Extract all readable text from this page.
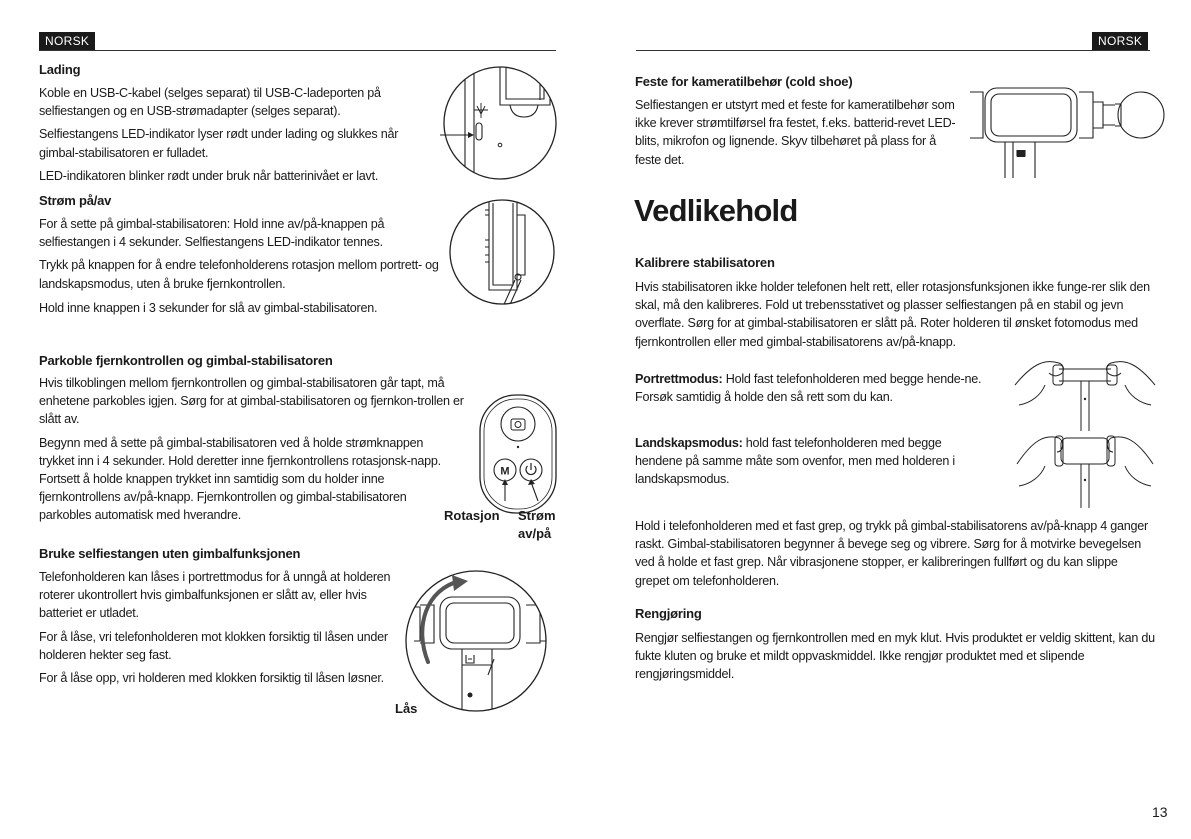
NORSK	NORSK
Lading

Koble en USB-C-kabel (selges separat) til USB-C-ladeporten på selfiestangen og en USB-strømadapter (selges separat).

Selfiestangens LED-indikator lyser rødt under lading og slukkes når gimbal-stabilisatoren er fulladet.

LED-indikatoren blinker rødt under bruk når batterinivået er lavt.

Strøm på/av

For å sette på gimbal-stabilisatoren: Hold inne av/på-knappen på selfiestangen i 4 sekunder. Selfiestangens LED-indikator tennes.

Trykk på knappen for å endre telefonholderens rotasjon mellom portrett- og landskapsmodus, uten å bruke fjernkontrollen.

Hold inne knappen i 3 sekunder for slå av gimbal-stabilisatoren.

Parkoble fjernkontrollen og gimbal-stabilisatoren

Hvis tilkoblingen mellom fjernkontrollen og gimbal-stabilisatoren går tapt, må enhetene parkobles igjen. Sørg for at gimbal-stabilisatoren og fjernkon-trollen er slått av.

Begynn med å sette på gimbal-stabilisatoren ved å holde strømknappen trykket inn i 4 sekunder. Hold deretter inne fjernkontrollens rotasjonsk-napp. Fortsett å holde knappen trykket inn samtidig som du holder inne fjernkontrollens av/på-knapp. Fjernkontrollen og gimbal-stabilisatoren parkobles automatisk med hverandre.

M
Rotasjon Strøm
av/på
Bruke selfiestangen uten gimbalfunksjonen

Telefonholderen kan låses i portrettmodus for å unngå at holderen roterer ukontrollert hvis gimbalfunksjonen er slått av, eller hvis batteriet er utladet.

For å låse, vri telefonholderen mot klokken forsiktig til låsen under holderen hekter seg fast.

For å låse opp, vri holderen med klokken forsiktig til låsen løsner.

Lås
Feste for kameratilbehør (cold shoe)

Selfiestangen er utstyrt med et feste for kameratilbehør som ikke krever strømtilførsel fra festet, f.eks. batterid-revet LED-blits, mikrofon og lignende. Skyv tilbehøret på plass for å feste det.

Vedlikehold
Kalibrere stabilisatoren

Hvis stabilisatoren ikke holder telefonen helt rett, eller rotasjonsfunksjonen ikke funge-rer slik den skal, må den kalibreres. Fold ut trebensstativet og plasser selfiestangen på en stabil og jevn overflate. Sørg for at gimbal-stabilisatoren er slått på. Roter holderen til ønsket fotomodus med fjernkontrollen eller med gimbal-stabilisatorens av/på-knapp.

Portrettmodus: Hold fast telefonholderen med begge hende-ne. Forsøk samtidig å holde den så rett som du kan.
Landskapsmodus: hold fast telefonholderen med begge hendene på samme måte som ovenfor, men med holderen i landskapsmodus.

Hold i telefonholderen med et fast grep, og trykk på gimbal-stabilisatorens av/på-knapp 4 ganger raskt. Gimbal-stabilisatoren begynner å bevege seg og vibrere. Sørg for å motvirke bevegelsen ved å holde et fast grep. Når vibrasjonene stopper, er kalibreringen fullført og du kan slippe grepet om telefonholderen.

Rengjøring

Rengjør selfiestangen og fjernkontrollen med en myk klut. Hvis produktet er veldig skittent, kan du fukte kluten og bruke et mildt oppvaskmiddel. Ikke rengjør produktet med et slipende rengjøringsmiddel.

13
